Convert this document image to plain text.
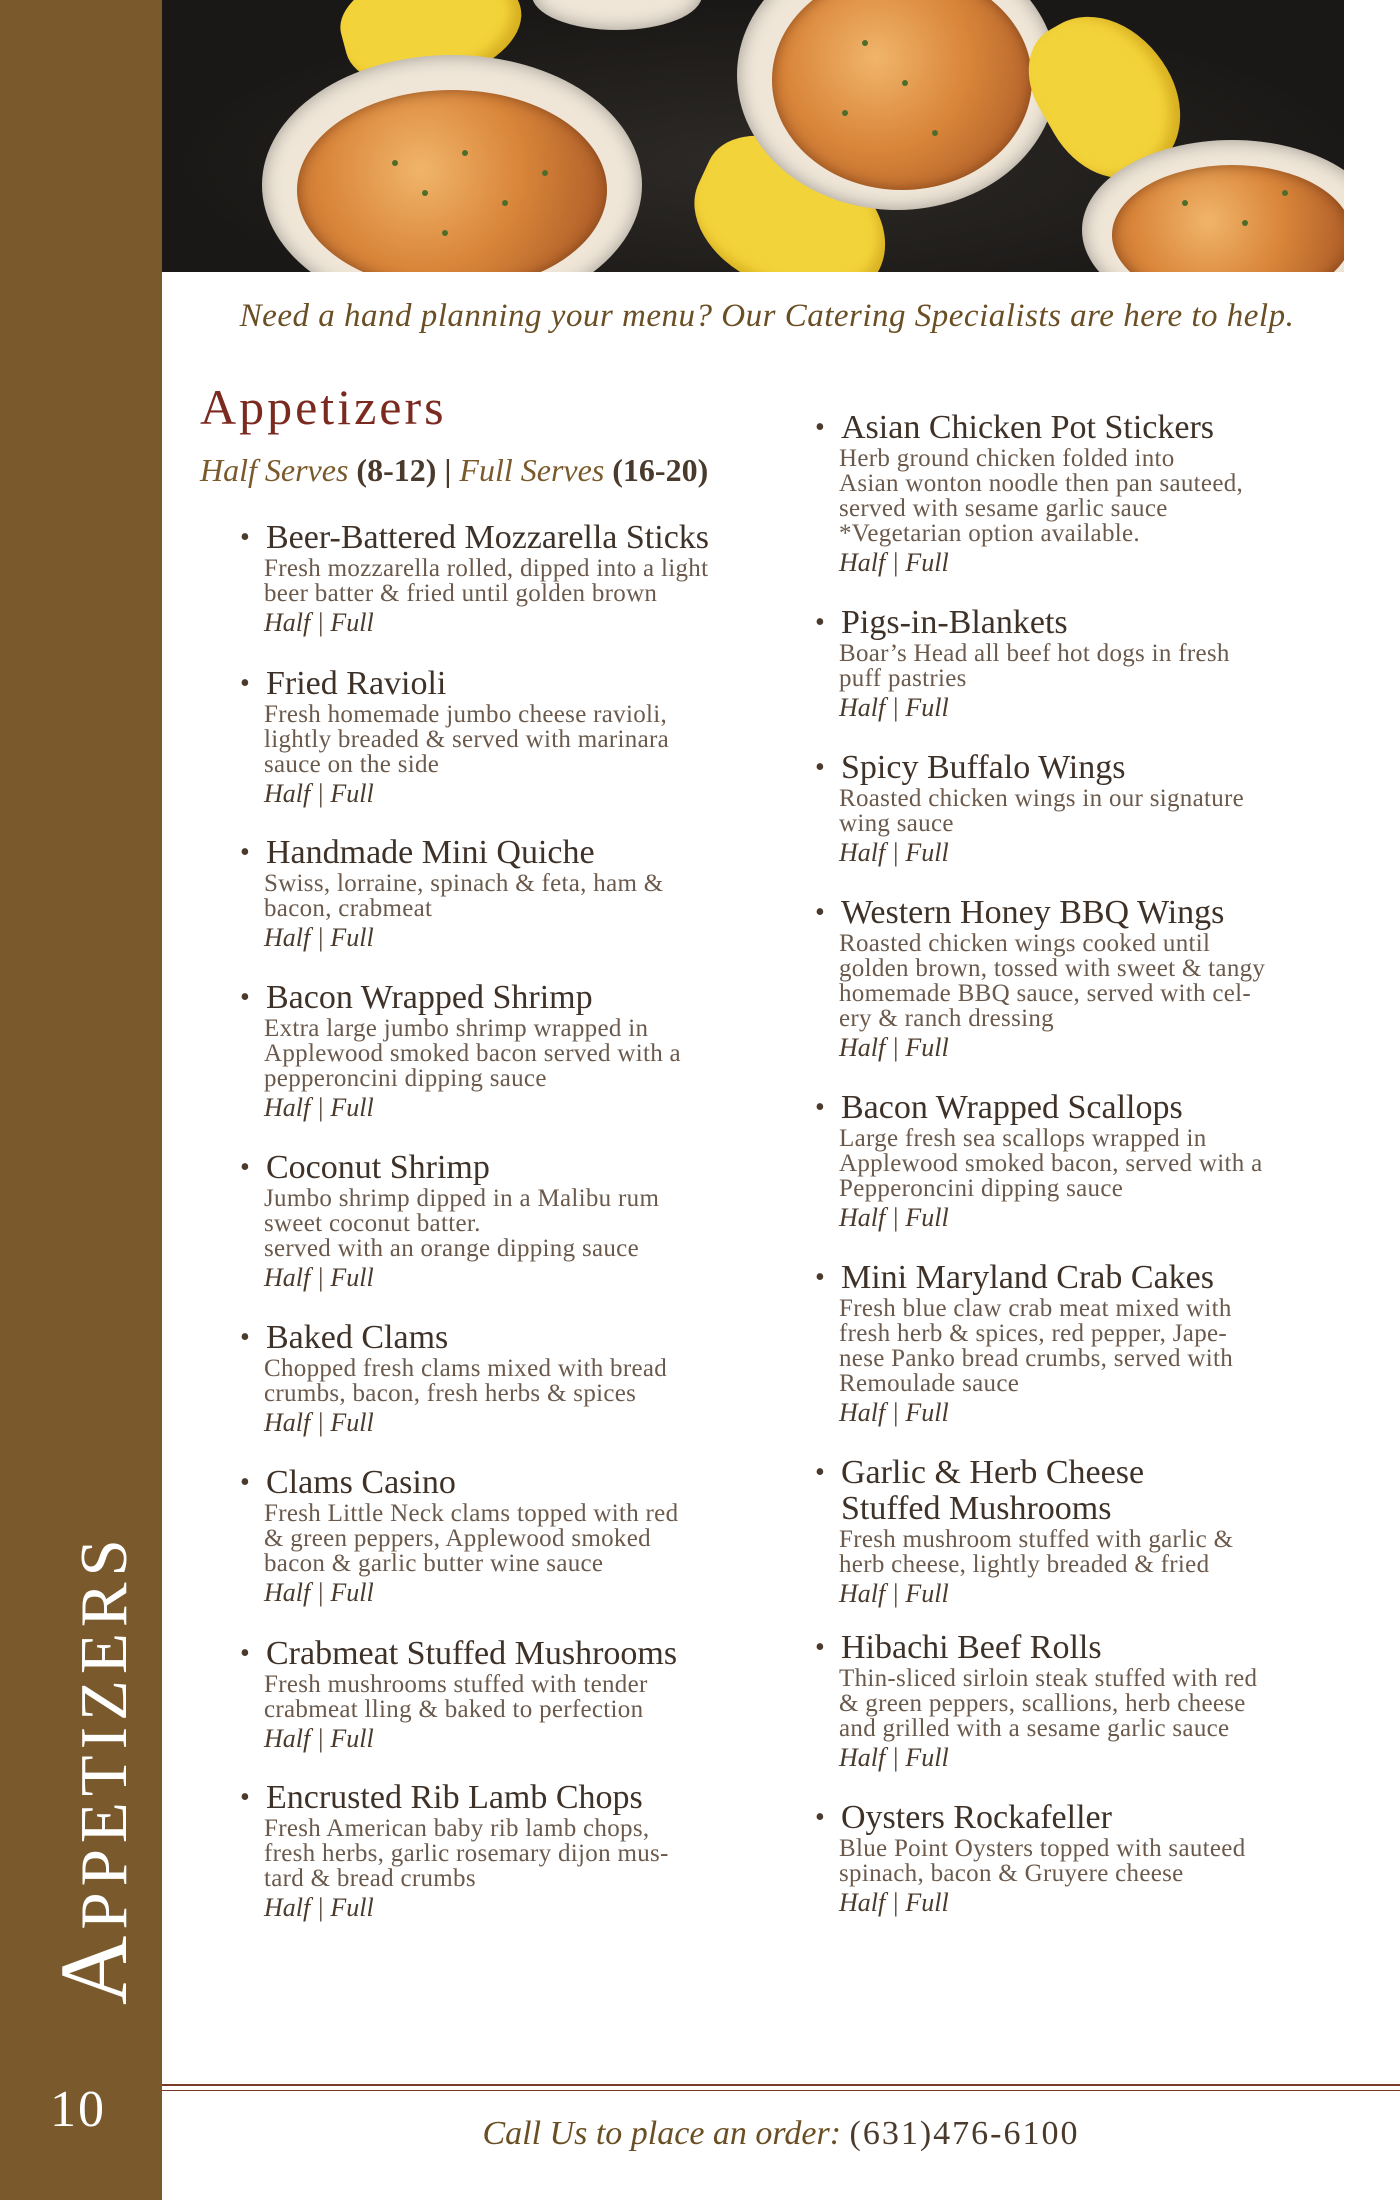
Appetizers
10
Need a hand planning your menu? Our Catering Specialists are here to help.
Appetizers
Half Serves (8-12) | Full Serves (16-20)
• Beer-Battered Mozzarella Sticks
Fresh mozzarella rolled, dipped into a light
beer batter & fried until golden brown
Half | Full
• Fried Ravioli
Fresh homemade jumbo cheese ravioli,
lightly breaded & served with marinara
sauce on the side
Half | Full
• Handmade Mini Quiche
Swiss, lorraine, spinach & feta, ham &
bacon, crabmeat
Half | Full
• Bacon Wrapped Shrimp
Extra large jumbo shrimp wrapped in
Applewood smoked bacon served with a
pepperoncini dipping sauce
Half | Full
• Coconut Shrimp
Jumbo shrimp dipped in a Malibu rum
sweet coconut batter.
served with an orange dipping sauce
Half | Full
• Baked Clams
Chopped fresh clams mixed with bread
crumbs, bacon, fresh herbs & spices
Half | Full
• Clams Casino
Fresh Little Neck clams topped with red
& green peppers, Applewood smoked
bacon & garlic butter wine sauce
Half | Full
• Crabmeat Stuffed Mushrooms
Fresh mushrooms stuffed with tender
crabmeat lling & baked to perfection
Half | Full
• Encrusted Rib Lamb Chops
Fresh American baby rib lamb chops,
fresh herbs, garlic rosemary dijon mus-
tard & bread crumbs
Half | Full
• Asian Chicken Pot Stickers
Herb ground chicken folded into
Asian wonton noodle then pan sauteed,
served with sesame garlic sauce
*Vegetarian option available.
Half | Full
• Pigs-in-Blankets
Boar’s Head all beef hot dogs in fresh
puff pastries
Half | Full
• Spicy Buffalo Wings
Roasted chicken wings in our signature
wing sauce
Half | Full
• Western Honey BBQ Wings
Roasted chicken wings cooked until
golden brown, tossed with sweet & tangy
homemade BBQ sauce, served with cel-
ery & ranch dressing
Half | Full
• Bacon Wrapped Scallops
Large fresh sea scallops wrapped in
Applewood smoked bacon, served with a
Pepperoncini dipping sauce
Half | Full
• Mini Maryland Crab Cakes
Fresh blue claw crab meat mixed with
fresh herb & spices, red pepper, Jape-
nese Panko bread crumbs, served with
Remoulade sauce
Half | Full
• Garlic & Herb Cheese
Stuffed Mushrooms
Fresh mushroom stuffed with garlic &
herb cheese, lightly breaded & fried
Half | Full
• Hibachi Beef Rolls
Thin-sliced sirloin steak stuffed with red
& green peppers, scallions, herb cheese
and grilled with a sesame garlic sauce
Half | Full
• Oysters Rockafeller
Blue Point Oysters topped with sauteed
spinach, bacon & Gruyere cheese
Half | Full
Call Us to place an order: (631)476-6100
